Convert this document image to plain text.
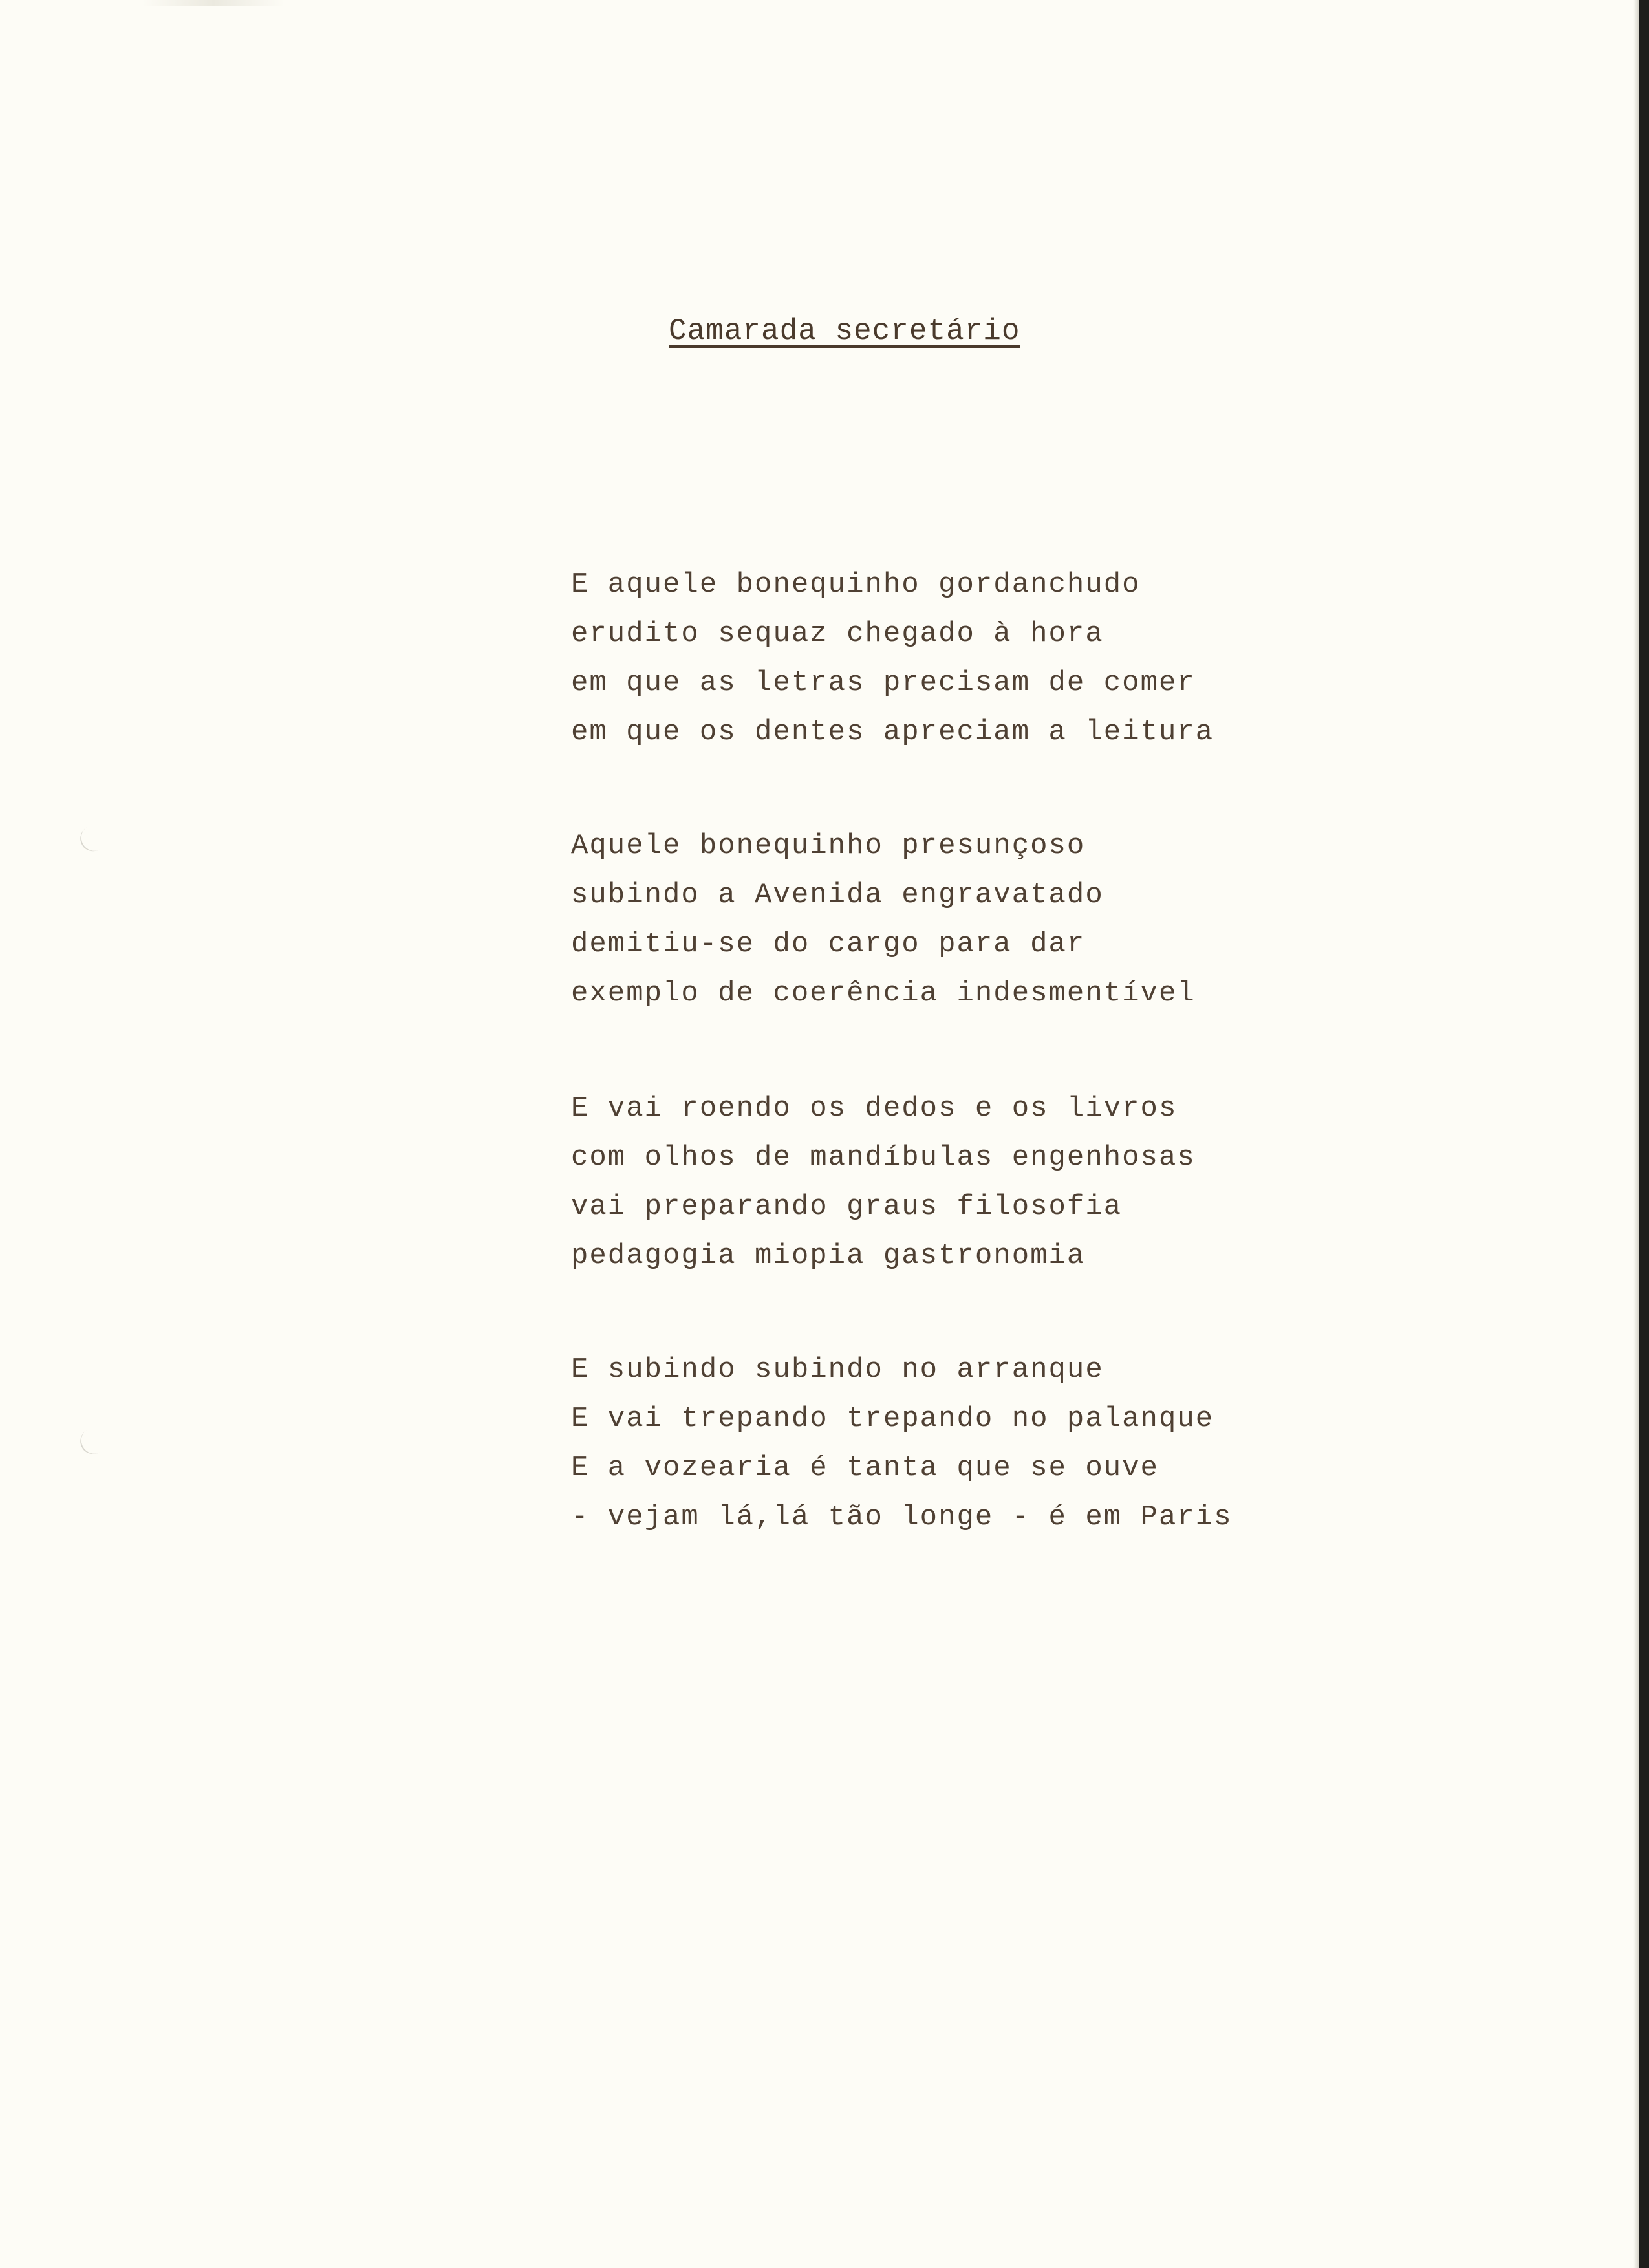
Camarada secretário
E aquele bonequinho gordanchudo
erudito sequaz chegado à hora
em que as letras precisam de comer
em que os dentes apreciam a leitura
Aquele bonequinho presunçoso
subindo a Avenida engravatado
demitiu-se do cargo para dar
exemplo de coerência indesmentível
E vai roendo os dedos e os livros
com olhos de mandíbulas engenhosas
vai preparando graus filosofia
pedagogia miopia gastronomia
E subindo subindo no arranque
E vai trepando trepando no palanque
E a vozearia é tanta que se ouve
- vejam lá,lá tão longe - é em Paris
